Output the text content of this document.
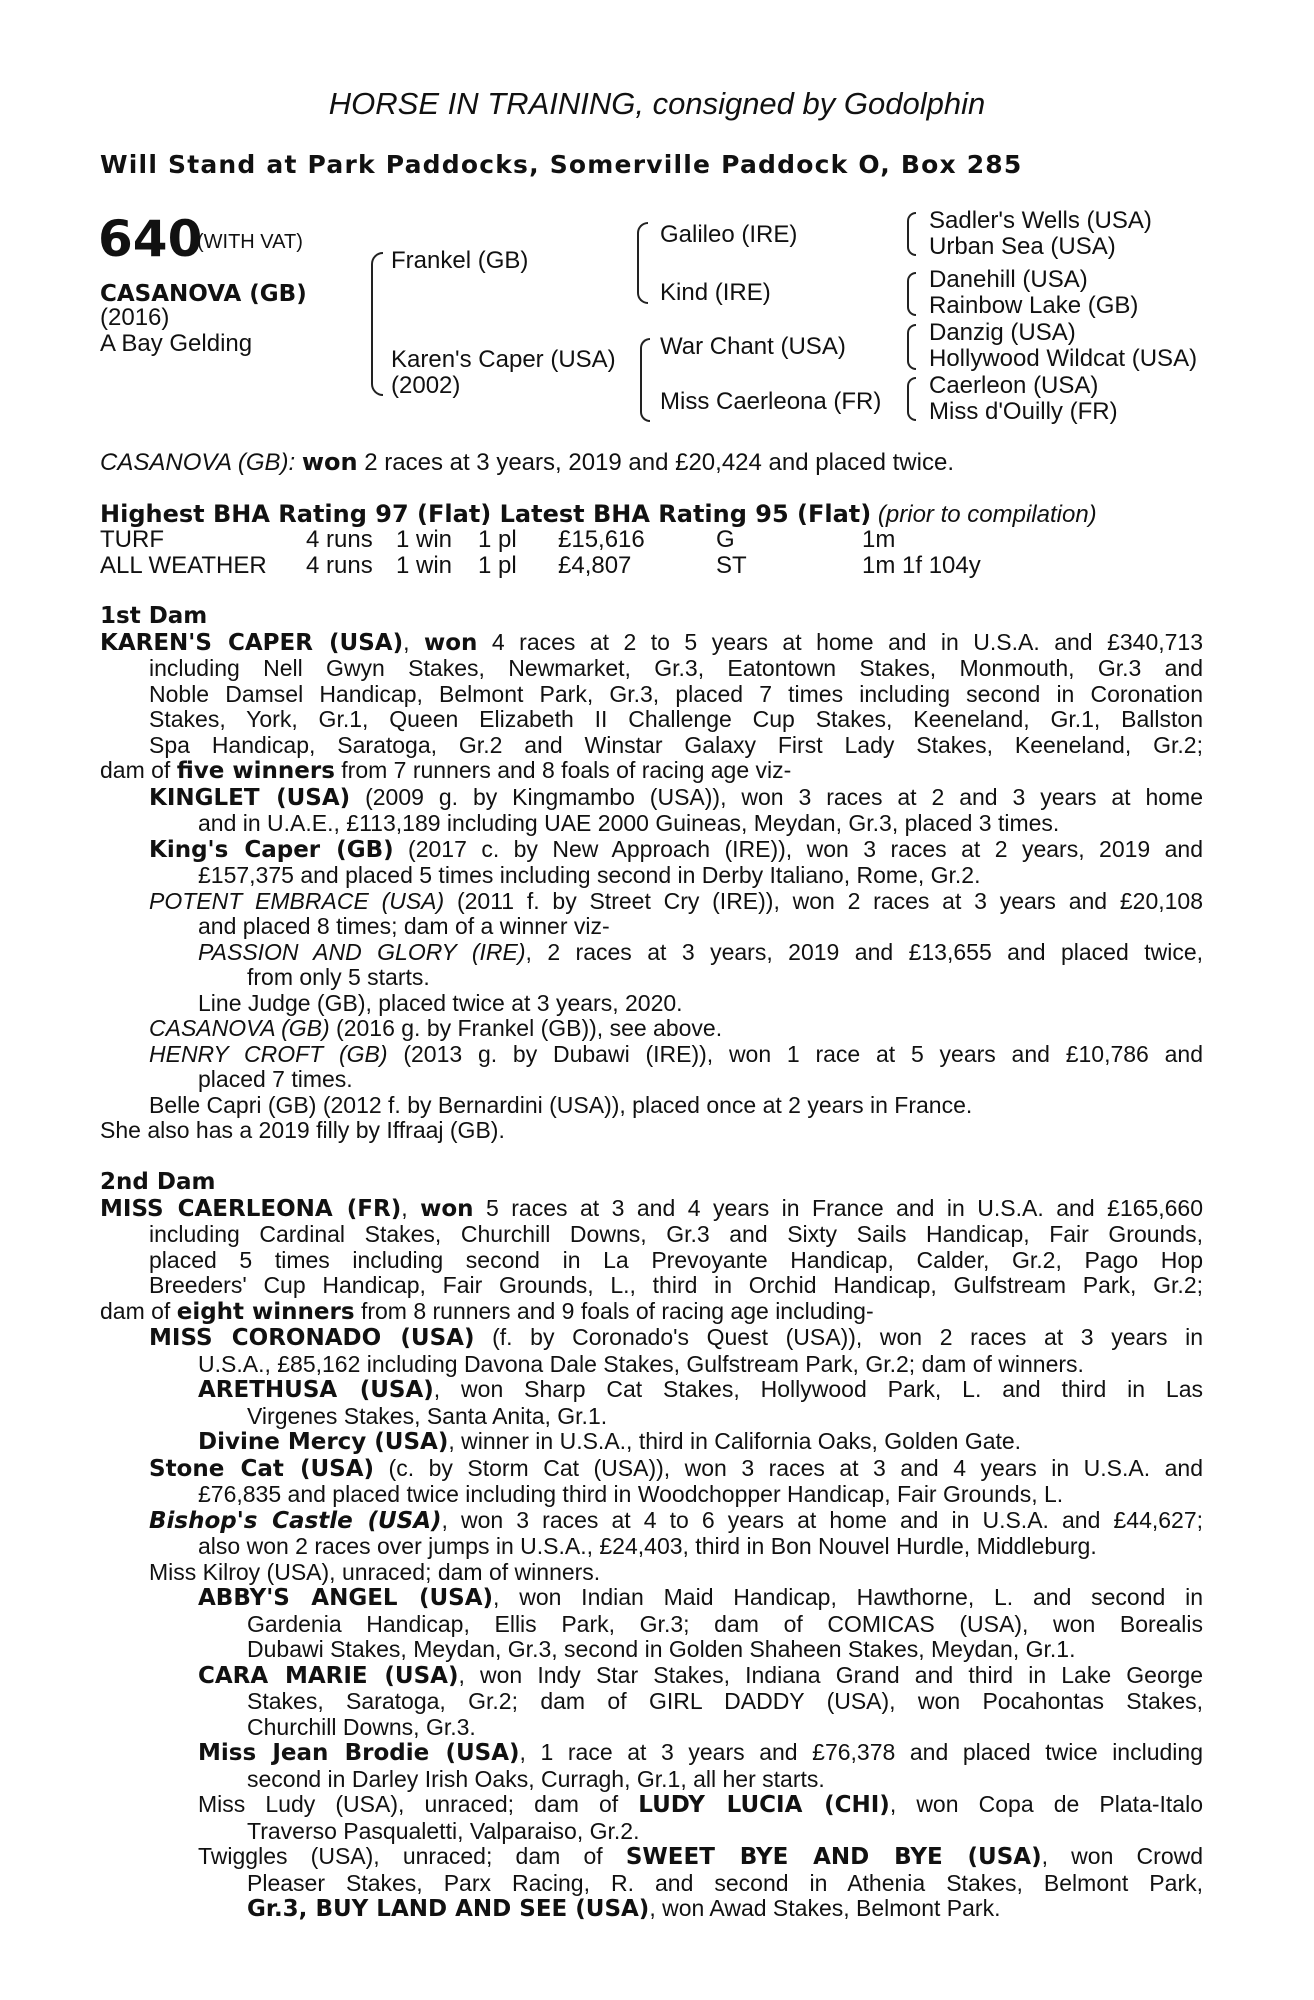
HORSE IN TRAINING, consigned by Godolphin
Will Stand at Park Paddocks, Somerville Paddock O, Box 285
640
(WITH VAT)
CASANOVA (GB)
(2016)
A Bay Gelding
Frankel (GB)
Karen's Caper (USA)
(2002)
Galileo (IRE)
Kind (IRE)
War Chant (USA)
Miss Caerleona (FR)
Sadler's Wells (USA)
Urban Sea (USA)
Danehill (USA)
Rainbow Lake (GB)
Danzig (USA)
Hollywood Wildcat (USA)
Caerleon (USA)
Miss d'Ouilly (FR)
CASANOVA (GB): won 2 races at 3 years, 2019 and £20,424 and placed twice.
Highest BHA Rating 97 (Flat) Latest BHA Rating 95 (Flat) (prior to compilation)
TURF	4 runs 1 win 1 pl £15,616	G	1m
ALL WEATHER 4 runs 1 win 1 pl £4,807	ST	1m 1f 104y
1st Dam
KAREN'S CAPER (USA), won 4 races at 2 to 5 years at home and in U.S.A. and £340,713
including Nell Gwyn Stakes, Newmarket, Gr.3, Eatontown Stakes, Monmouth, Gr.3 and
Noble Damsel Handicap, Belmont Park, Gr.3, placed 7 times including second in Coronation
Stakes, York, Gr.1, Queen Elizabeth II Challenge Cup Stakes, Keeneland, Gr.1, Ballston
Spa Handicap, Saratoga, Gr.2 and Winstar Galaxy First Lady Stakes, Keeneland, Gr.2;
dam of five winners from 7 runners and 8 foals of racing age viz-
KINGLET (USA) (2009 g. by Kingmambo (USA)), won 3 races at 2 and 3 years at home
and in U.A.E., £113,189 including UAE 2000 Guineas, Meydan, Gr.3, placed 3 times.
King's Caper (GB) (2017 c. by New Approach (IRE)), won 3 races at 2 years, 2019 and
£157,375 and placed 5 times including second in Derby Italiano, Rome, Gr.2.
POTENT EMBRACE (USA) (2011 f. by Street Cry (IRE)), won 2 races at 3 years and £20,108
and placed 8 times; dam of a winner viz-
PASSION AND GLORY (IRE), 2 races at 3 years, 2019 and £13,655 and placed twice,
from only 5 starts.
Line Judge (GB), placed twice at 3 years, 2020.
CASANOVA (GB) (2016 g. by Frankel (GB)), see above.
HENRY CROFT (GB) (2013 g. by Dubawi (IRE)), won 1 race at 5 years and £10,786 and
placed 7 times.
Belle Capri (GB) (2012 f. by Bernardini (USA)), placed once at 2 years in France.
She also has a 2019 filly by Iffraaj (GB).
2nd Dam
MISS CAERLEONA (FR), won 5 races at 3 and 4 years in France and in U.S.A. and £165,660
including Cardinal Stakes, Churchill Downs, Gr.3 and Sixty Sails Handicap, Fair Grounds,
placed 5 times including second in La Prevoyante Handicap, Calder, Gr.2, Pago Hop
Breeders' Cup Handicap, Fair Grounds, L., third in Orchid Handicap, Gulfstream Park, Gr.2;
dam of eight winners from 8 runners and 9 foals of racing age including-
MISS CORONADO (USA) (f. by Coronado's Quest (USA)), won 2 races at 3 years in
U.S.A., £85,162 including Davona Dale Stakes, Gulfstream Park, Gr.2; dam of winners.
ARETHUSA (USA), won Sharp Cat Stakes, Hollywood Park, L. and third in Las
Virgenes Stakes, Santa Anita, Gr.1.
Divine Mercy (USA), winner in U.S.A., third in California Oaks, Golden Gate.
Stone Cat (USA) (c. by Storm Cat (USA)), won 3 races at 3 and 4 years in U.S.A. and
£76,835 and placed twice including third in Woodchopper Handicap, Fair Grounds, L.
Bishop's Castle (USA), won 3 races at 4 to 6 years at home and in U.S.A. and £44,627;
also won 2 races over jumps in U.S.A., £24,403, third in Bon Nouvel Hurdle, Middleburg.
Miss Kilroy (USA), unraced; dam of winners.
ABBY'S ANGEL (USA), won Indian Maid Handicap, Hawthorne, L. and second in
Gardenia Handicap, Ellis Park, Gr.3; dam of COMICAS (USA), won Borealis
Dubawi Stakes, Meydan, Gr.3, second in Golden Shaheen Stakes, Meydan, Gr.1.
CARA MARIE (USA), won Indy Star Stakes, Indiana Grand and third in Lake George
Stakes, Saratoga, Gr.2; dam of GIRL DADDY (USA), won Pocahontas Stakes,
Churchill Downs, Gr.3.
Miss Jean Brodie (USA), 1 race at 3 years and £76,378 and placed twice including
second in Darley Irish Oaks, Curragh, Gr.1, all her starts.
Miss Ludy (USA), unraced; dam of LUDY LUCIA (CHI), won Copa de Plata-Italo
Traverso Pasqualetti, Valparaiso, Gr.2.
Twiggles (USA), unraced; dam of SWEET BYE AND BYE (USA), won Crowd
Pleaser Stakes, Parx Racing, R. and second in Athenia Stakes, Belmont Park,
Gr.3, BUY LAND AND SEE (USA), won Awad Stakes, Belmont Park.
